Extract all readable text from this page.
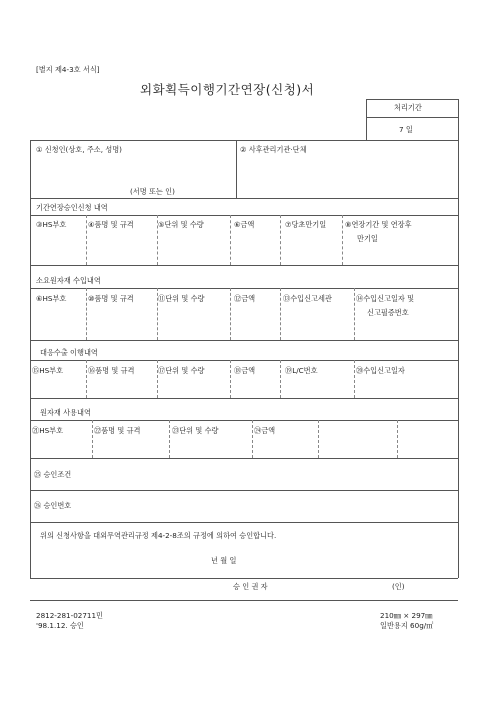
[별지 제4-3호 서식]
외화획득이행기간연장(신청)서
처리기간
7 일
① 신청인(상호, 주소, 성명)	② 사후관리기관·단체
(서명 또는 인)
기간연장승인신청 내역
③HS부호	④품명 및 규격	⑤단위 및 수량	⑥금액	⑦당초만기일	⑧연장기간 및 연장후
만기일
소요원자재 수입내역
⑥HS부호	⑩품명 및 규격	⑪단위 및 수량	⑫금액	⑬수입신고세관	⑭수입신고일자 및
신고필증번호
대응수출 이행내역
⑮HS부호	⑯품명 및 규격	⑰단위 및 수량	⑱금액	⑲L/C번호	⑳수입신고일자
원자재 사용내역
㉑HS부호	㉒품명 및 규격	㉓단위 및 수량	㉔금액
㉕ 승인조건
㉖ 승인번호
위의 신청사항을 대외무역관리규정 제4-2-8조의 규정에 의하여 승인합니다.
년 월 일
승 인 권 자	(인)
2812-281-02711민
'98.1.12. 승인
210㎜ × 297㎜
일반용지 60g/㎡
